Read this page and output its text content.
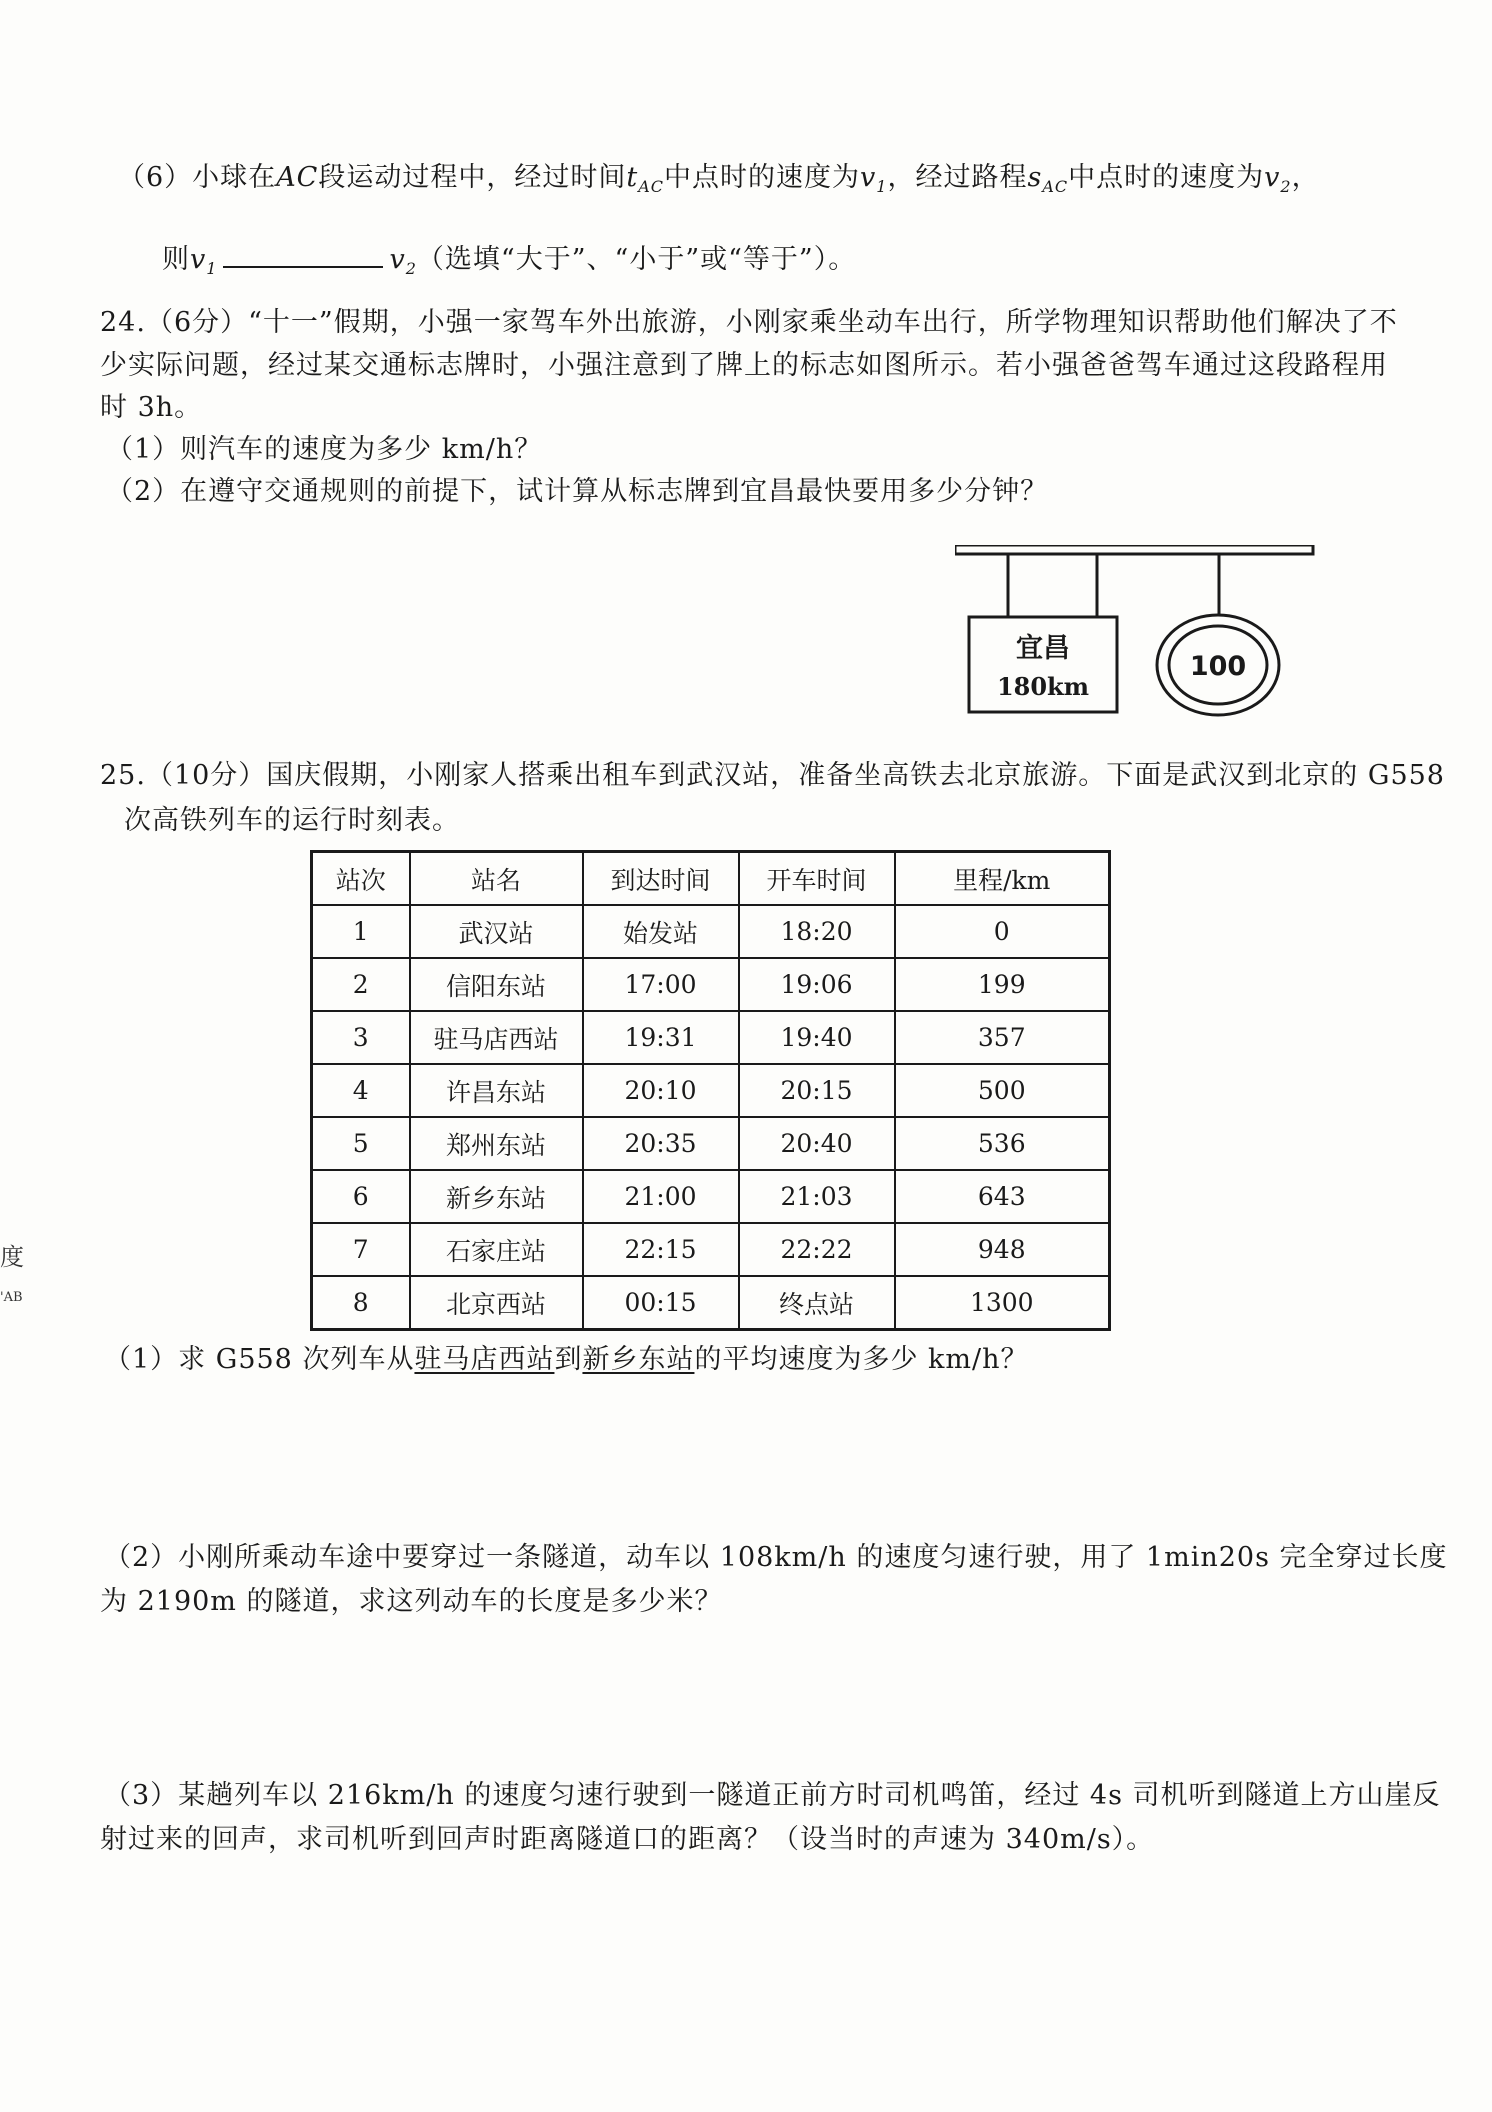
（6）小球在AC段运动过程中，经过时间$t_{AC}$中点时的速度为$v_1$，经过路程$s_{AC}$中点时的速度为$v_2$，
则$v_1$	$v_2$（选填“大于”、“小于”或“等于”）。
24.（6分）“十一”假期，小强一家驾车外出旅游，小刚家乘坐动车出行，所学物理知识帮助他们解决了不
少实际问题，经过某交通标志牌时，小强注意到了牌上的标志如图所示。若小强爸爸驾车通过这段路程用
时 3h。
（1）则汽车的速度为多少 km/h？
（2）在遵守交通规则的前提下，试计算从标志牌到宜昌最快要用多少分钟？
宜昌
180km
100
25.（10分）国庆假期，小刚家人搭乘出租车到武汉站，准备坐高铁去北京旅游。下面是武汉到北京的 G558
次高铁列车的运行时刻表。
站次	站名	到达时间	开车时间	里程/km
1	武汉站	始发站	18:20	0
2	信阳东站	17:00	19:06	199
3	驻马店西站	19:31	19:40	357
4	许昌东站	20:10	20:15	500
5	郑州东站	20:35	20:40	536
6	新乡东站	21:00	21:03	643
7	石家庄站	22:15	22:22	948
8	北京西站	00:15	终点站	1300
（1）求 G558 次列车从驻马店西站到新乡东站的平均速度为多少 km/h？
（2）小刚所乘动车途中要穿过一条隧道，动车以 108km/h 的速度匀速行驶，用了 1min20s 完全穿过长度
为 2190m 的隧道，求这列动车的长度是多少米？
（3）某趟列车以 216km/h 的速度匀速行驶到一隧道正前方时司机鸣笛，经过 4s 司机听到隧道上方山崖反
射过来的回声，求司机听到回声时距离隧道口的距离？（设当时的声速为 340m/s）。
度
'AB
